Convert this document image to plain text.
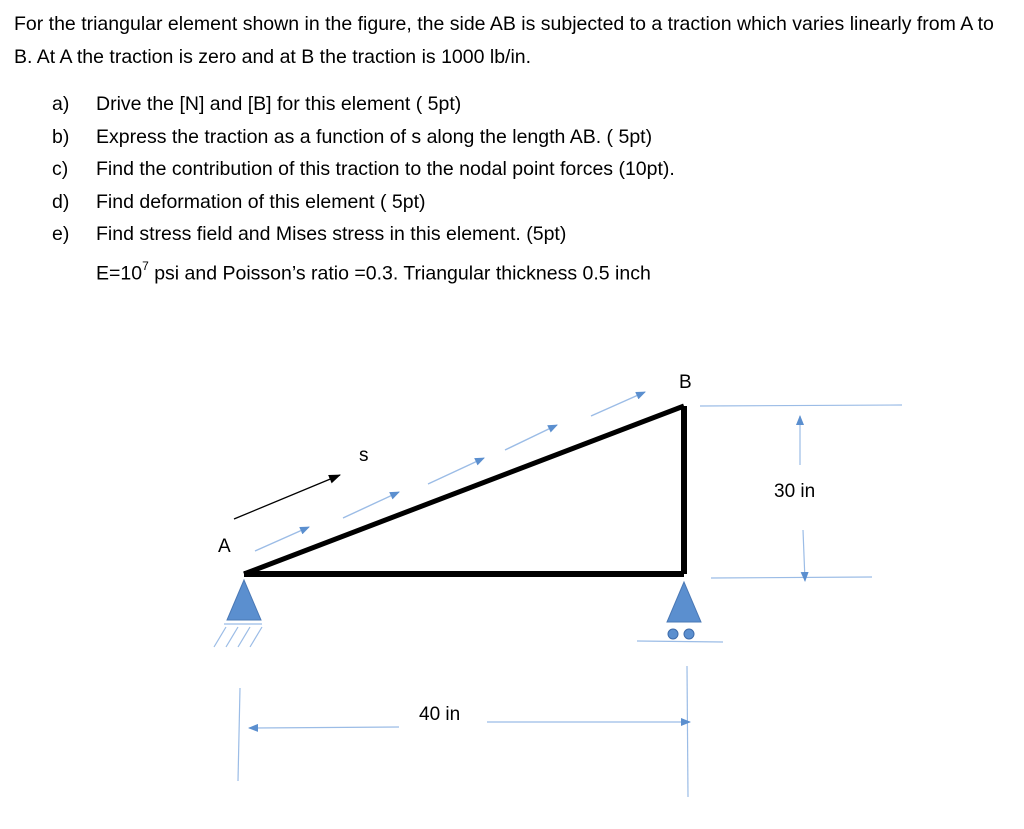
For the triangular element shown in the figure, the side AB is subjected to a traction which varies linearly from A to B. At A the traction is zero and at B the traction is 1000 lb/in.

a) Drive the [N] and [B] for this element ( 5pt)
b) Express the traction as a function of s along the length AB. ( 5pt)
c) Find the contribution of this traction to the nodal point forces (10pt).
d) Find deformation of this element ( 5pt)
e) Find stress field and Mises stress in this element. (5pt)
$E=10^7$ psi and Poisson’s ratio =0.3. Triangular thickness 0.5 inch
s
A
B
30 in
40 in
